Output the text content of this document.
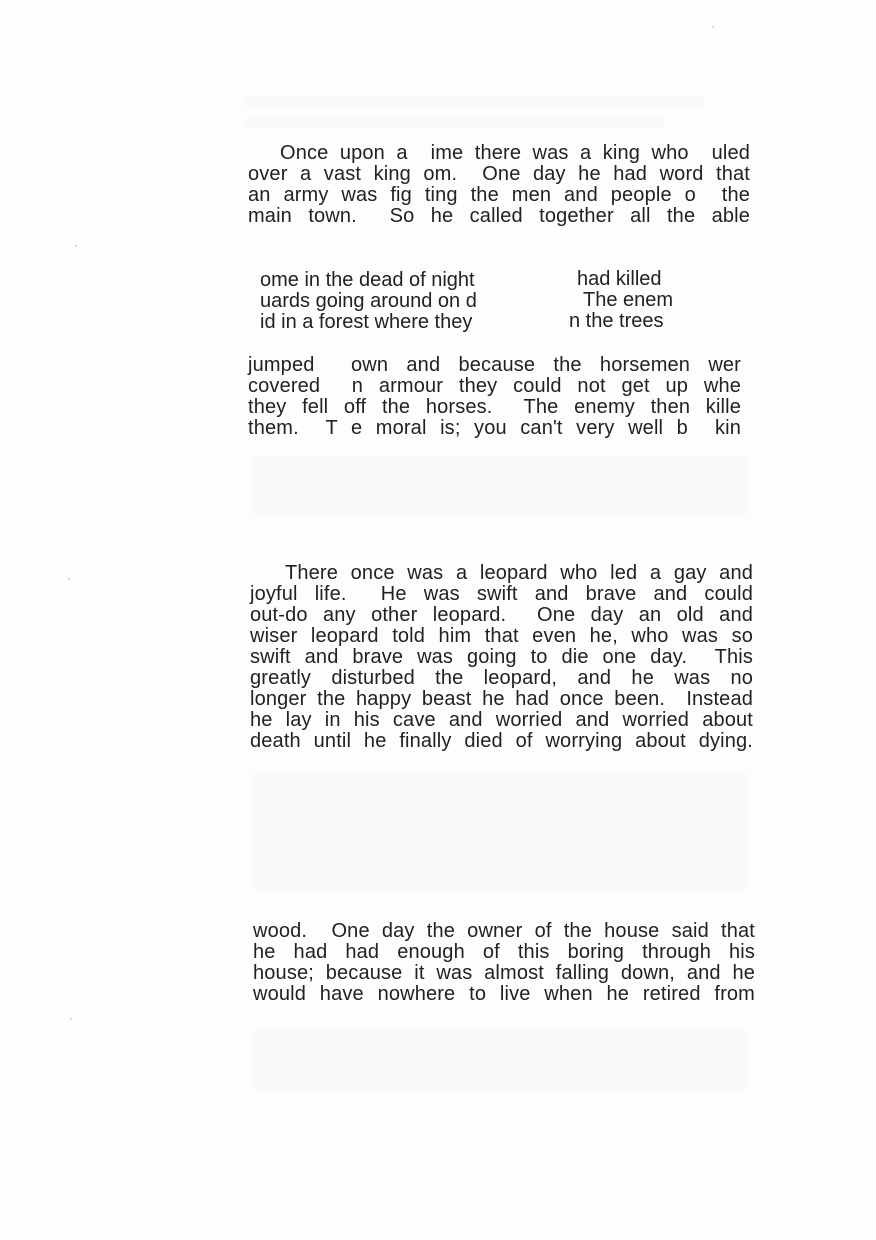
Once upon a  ime there was a king who  uled
over a vast king om.  One day he had word that
an army was fig ting the men and people o  the
main town.  So he called together all the able
ome in the dead of night
uards going around on d
id in a forest where they
had killed
The enem
n the trees
jumped  own and because the horsemen wer
covered  n armour they could not get up whe
they fell off the horses.  The enemy then kille
them.  T e moral is; you can't very well b  kin
There once was a leopard who led a gay and
joyful life.  He was swift and brave and could
out-do any other leopard.  One day an old and
wiser leopard told him that even he, who was so
swift and brave was going to die one day.  This
greatly disturbed the leopard, and he was no
longer the happy beast he had once been.  Instead
he lay in his cave and worried and worried about
death until he finally died of worrying about dying.
wood.  One day the owner of the house said that
he had had enough of this boring through his
house; because it was almost falling down, and he
would have nowhere to live when he retired from
